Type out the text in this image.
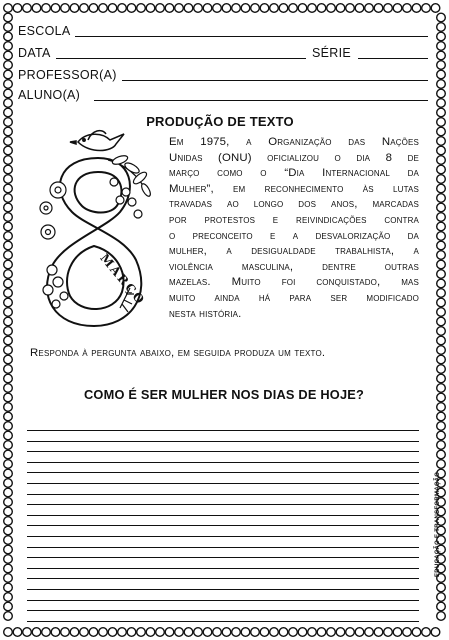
ESCOLA
DATA	SÉRIE
PROFESSOR(A)
ALUNO(A)
PRODUÇÃO DE TEXTO
MARÇO
Em 1975, a Organização das Nações
Unidas (ONU) oficializou o dia 8 de
março como o “Dia Internacional da
Mulher”, em reconhecimento às lutas
travadas ao longo dos anos, marcadas
por protestos e reivindicações contra
o preconceito e a desvalorização da
mulher, a desigualdade trabalhista, a
violência masculina, dentre outras
mazelas. Muito foi conquistado, mas
muito ainda há para ser modificado
nesta história.
Responda à pergunta abaixo, em seguida produza um texto.
COMO É SER MULHER NOS DIAS DE HOJE?
EDUCAÇÃO E TRANSFORMAÇÃO
